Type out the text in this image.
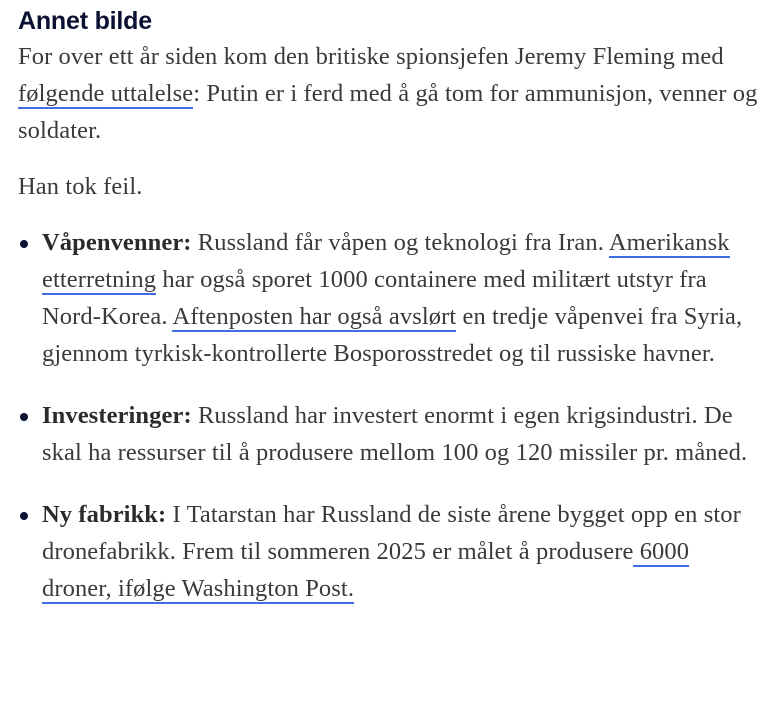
Annet bilde

For over ett år siden kom den britiske spionsjefen Jeremy Fleming med følgende uttalelse: Putin er i ferd med å gå tom for ammunisjon, venner og soldater.

Han tok feil.

Våpenvenner: Russland får våpen og teknologi fra Iran. Amerikansk etterretning har også sporet 1000 containere med militært utstyr fra Nord-Korea. Aftenposten har også avslørt en tredje våpenvei fra Syria, gjennom tyrkisk-kontrollerte Bosporosstredet og til russiske havner.
Investeringer: Russland har investert enormt i egen krigsindustri. De skal ha ressurser til å produsere mellom 100 og 120 missiler pr. måned.
Ny fabrikk: I Tatarstan har Russland de siste årene bygget opp en stor dronefabrikk. Frem til sommeren 2025 er målet å produsere 6000 droner, ifølge Washington Post.
